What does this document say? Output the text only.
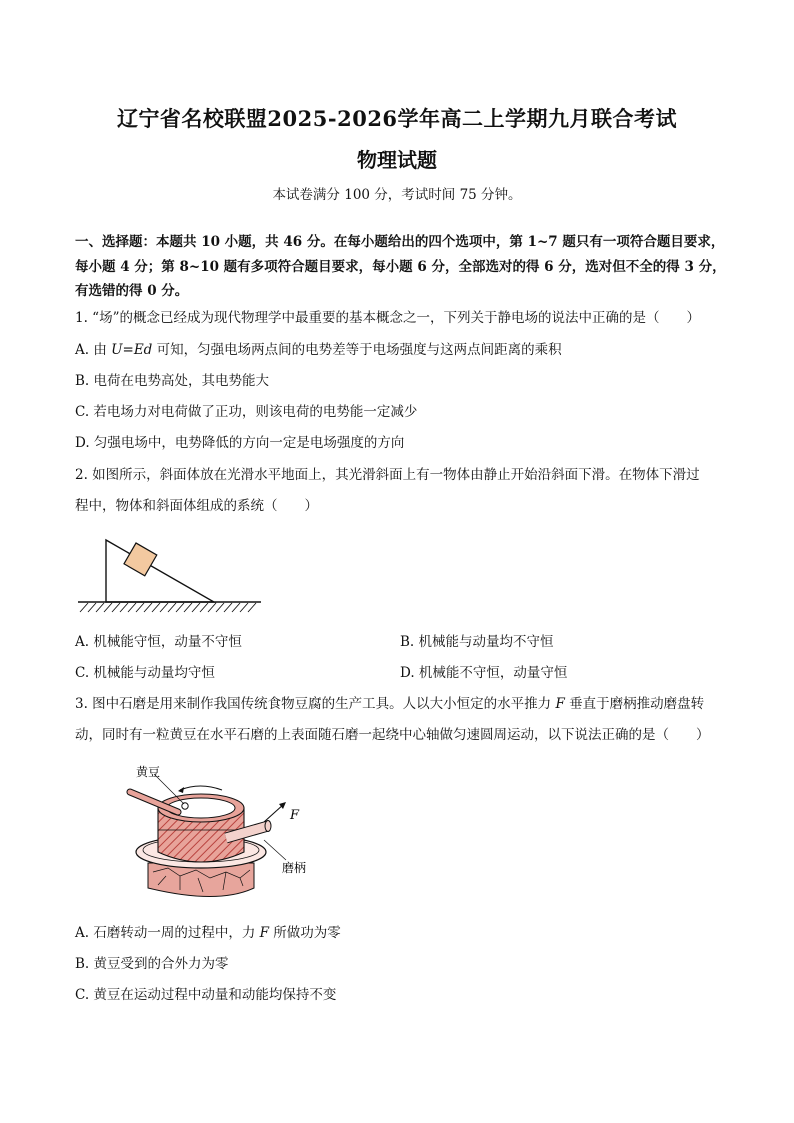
辽宁省名校联盟2025-2026学年高二上学期九月联合考试
物理试题
本试卷满分 100 分，考试时间 75 分钟。
一、选择题：本题共 10 小题，共 46 分。在每小题给出的四个选项中，第 1~7 题只有一项符合题目要求，
每小题 4 分；第 8~10 题有多项符合题目要求，每小题 6 分，全部选对的得 6 分，选对但不全的得 3 分，
有选错的得 0 分。
1. “场”的概念已经成为现代物理学中最重要的基本概念之一，下列关于静电场的说法中正确的是（　　）
A. 由 U=Ed 可知，匀强电场两点间的电势差等于电场强度与这两点间距离的乘积
B. 电荷在电势高处，其电势能大
C. 若电场力对电荷做了正功，则该电荷的电势能一定减少
D. 匀强电场中，电势降低的方向一定是电场强度的方向
2. 如图所示，斜面体放在光滑水平地面上，其光滑斜面上有一物体由静止开始沿斜面下滑。在物体下滑过
程中，物体和斜面体组成的系统（　　）
A. 机械能守恒，动量不守恒	B. 机械能与动量均不守恒
C. 机械能与动量均守恒	D. 机械能不守恒，动量守恒
3. 图中石磨是用来制作我国传统食物豆腐的生产工具。人以大小恒定的水平推力 F 垂直于磨柄推动磨盘转
动，同时有一粒黄豆在水平石磨的上表面随石磨一起绕中心轴做匀速圆周运动，以下说法正确的是（　　）
黄豆
F
磨柄
A. 石磨转动一周的过程中，力 F 所做功为零
B. 黄豆受到的合外力为零
C. 黄豆在运动过程中动量和动能均保持不变
